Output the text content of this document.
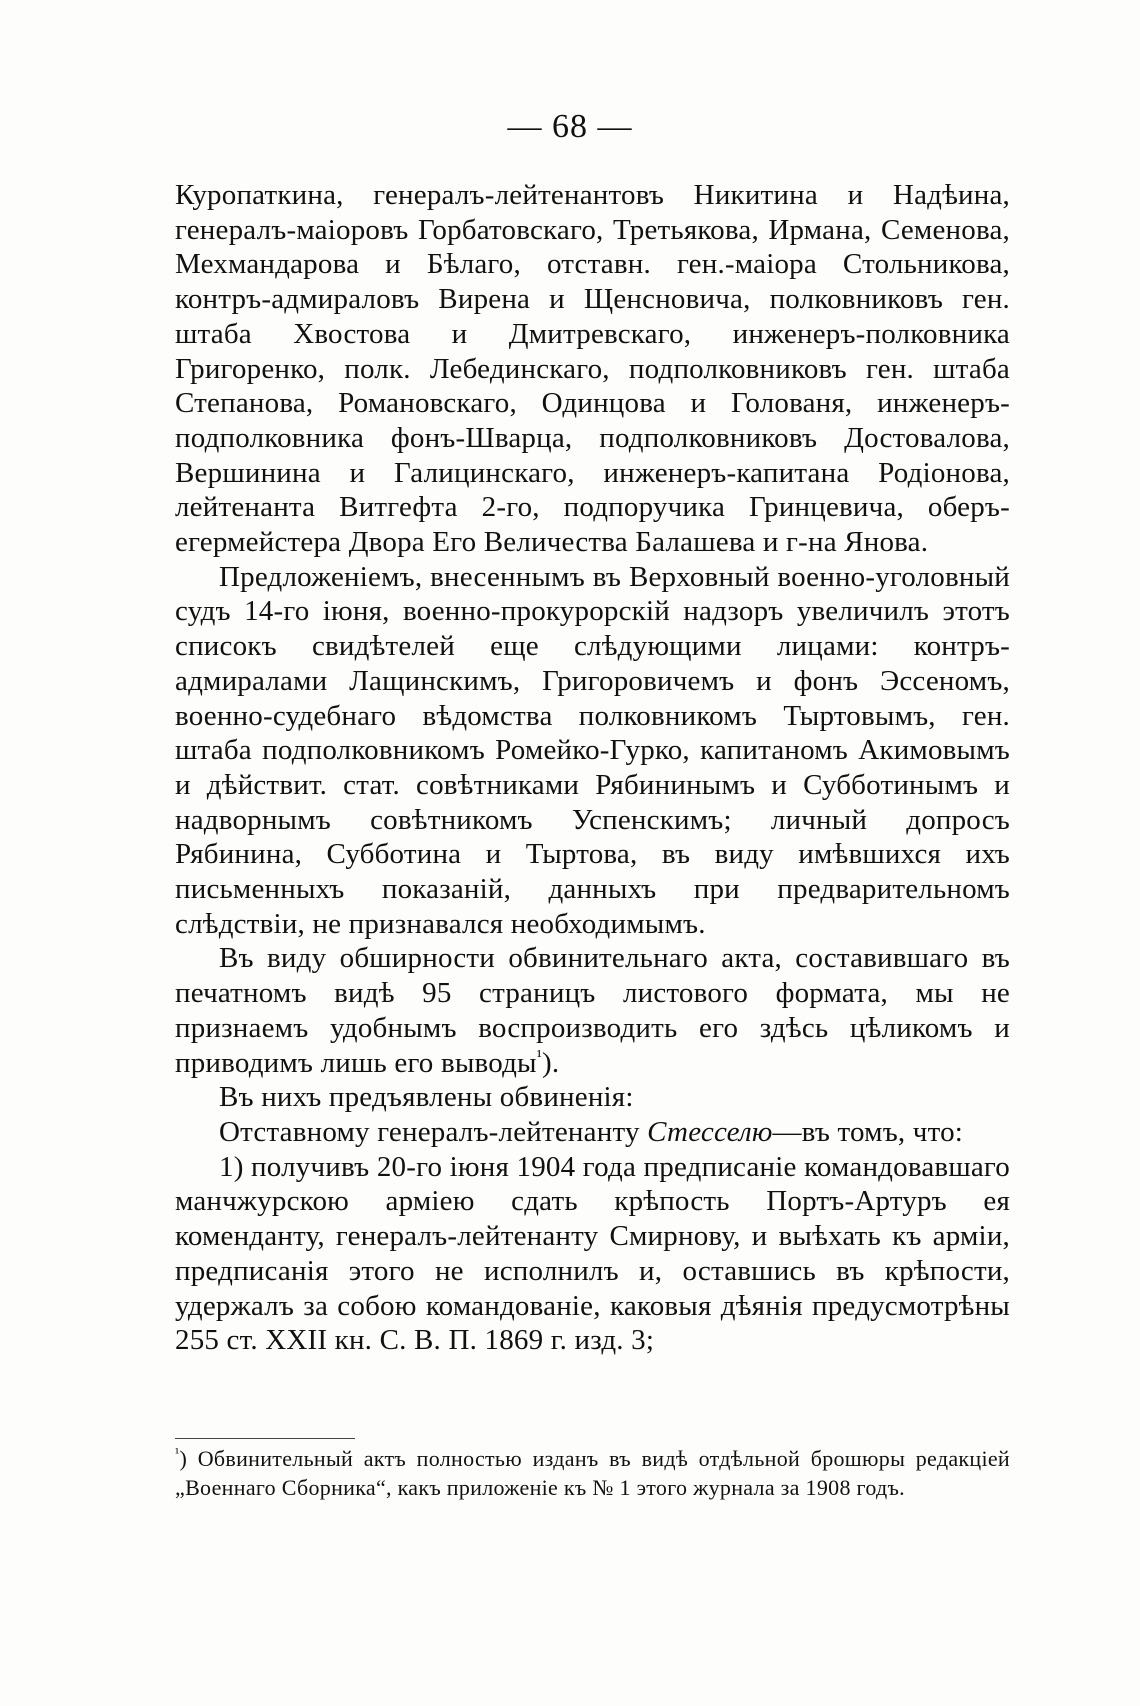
— 68 —

Куропаткина, генералъ-лейтенантовъ Никитина и Надѣина, генералъ-маіоровъ Горбатовскаго, Третьякова, Ирмана, Семенова, Мехмандарова и Бѣлаго, отставн. ген.-маіора Стольникова, контръ-адмираловъ Вирена и Щенсновича, полковниковъ ген. штаба Хвостова и Дмитревскаго, инженеръ-полковника Григоренко, полк. Лебединскаго, подполковниковъ ген. штаба Степанова, Романовскаго, Одинцова и Голованя, инженеръ-подполковника фонъ-Шварца, подполковниковъ Достовалова, Вершинина и Галицинскаго, инженеръ-капитана Родіонова, лейтенанта Витгефта 2-го, подпоручика Гринцевича, оберъ-егермейстера Двора Его Величества Балашева и г-на Янова.

Предложеніемъ, внесеннымъ въ Верховный военно-уголовный судъ 14-го іюня, военно-прокурорскій надзоръ увеличилъ этотъ списокъ свидѣтелей еще слѣдующими лицами: контръ-адмиралами Лащинскимъ, Григоровичемъ и фонъ Эссеномъ, военно-судебнаго вѣдомства полковникомъ Тыртовымъ, ген. штаба подполковникомъ Ромейко-Гурко, капитаномъ Акимовымъ и дѣйствит. стат. совѣтниками Рябининымъ и Субботинымъ и надворнымъ совѣтникомъ Успенскимъ; личный допросъ Рябинина, Субботина и Тыртова, въ виду имѣвшихся ихъ письменныхъ показаній, данныхъ при предварительномъ слѣдствіи, не признавался необходимымъ.

Въ виду обширности обвинительнаго акта, составившаго въ печатномъ видѣ 95 страницъ листового формата, мы не признаемъ удобнымъ воспроизводить его здѣсь цѣликомъ и приводимъ лишь его выводы$^{^1}$).

Въ нихъ предъявлены обвиненія:

Отставному генералъ-лейтенанту Стесселю—въ томъ, что:

1) получивъ 20-го іюня 1904 года предписаніе командовавшаго манчжурскою арміею сдать крѣпость Портъ-Артуръ ея коменданту, генералъ-лейтенанту Смирнову, и выѣхать къ арміи, предписанія этого не исполнилъ и, оставшись въ крѣпости, удержалъ за собою командованіе, каковыя дѣянія предусмотрѣны 255 ст. XXII кн. С. В. П. 1869 г. изд. 3;

$^{^1}$) Обвинительный актъ полностью изданъ въ видѣ отдѣльной брошюры редакціей „Военнаго Сборника“, какъ приложеніе къ № 1 этого журнала за 1908 годъ.
